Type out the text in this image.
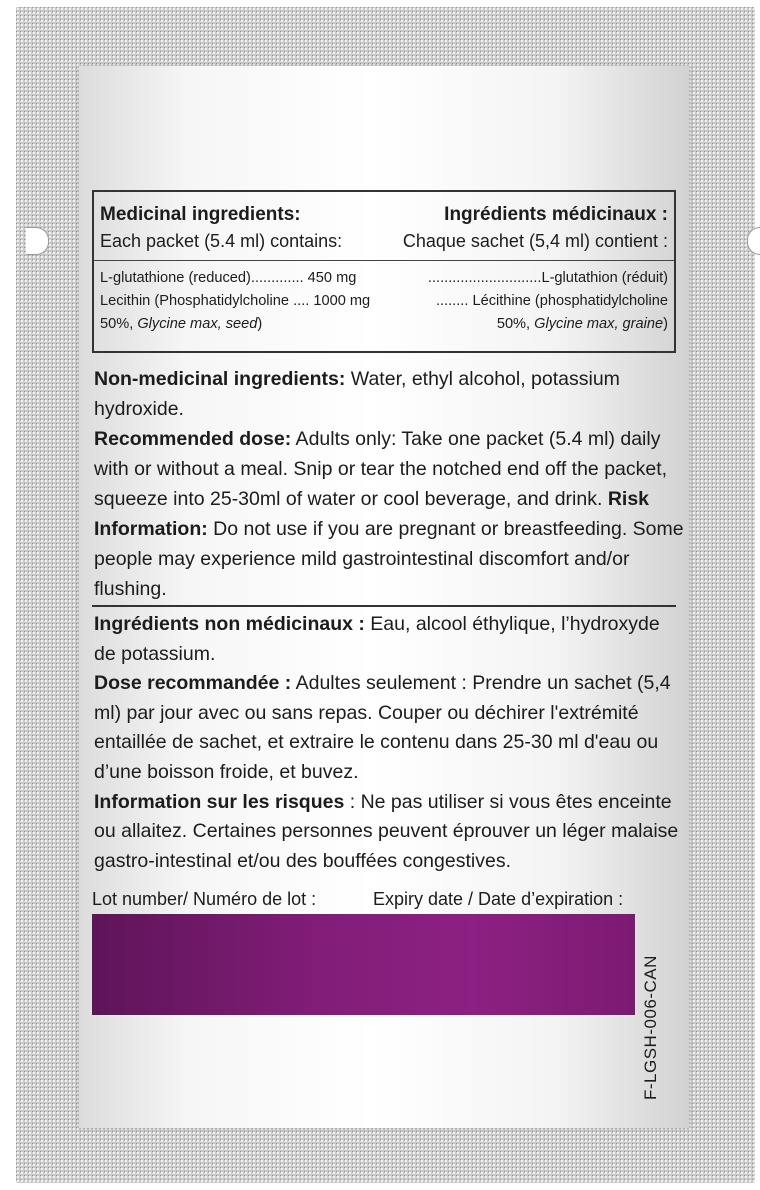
Medicinal ingredients:	Ingrédients médicinaux :
Each packet (5.4 ml) contains:	Chaque sachet (5,4 ml) contient :
L-glutathione (reduced)............. 450 mg	............................L-glutathion (réduit)
Lecithin (Phosphatidylcholine .... 1000 mg	........ Lécithine (phosphatidylcholine
50%, Glycine max, seed)	50%, Glycine max, graine)
Non-medicinal ingredients: Water, ethyl alcohol, potassium hydroxide.
Recommended dose: Adults only: Take one packet (5.4 ml) daily with or without a meal. Snip or tear the notched end off the packet, squeeze into 25-30ml of water or cool beverage, and drink. Risk Information: Do not use if you are pregnant or breastfeeding. Some people may experience mild gastrointestinal discomfort and/or flushing.
Ingrédients non médicinaux : Eau, alcool éthylique, l’hydroxyde de potassium.
Dose recommandée : Adultes seulement : Prendre un sachet (5,4 ml) par jour avec ou sans repas. Couper ou déchirer l'extrémité entaillée de sachet, et extraire le contenu dans 25-30 ml d'eau ou d’une boisson froide, et buvez.
Information sur les risques : Ne pas utiliser si vous êtes enceinte ou allaitez. Certaines personnes peuvent éprouver un léger malaise gastro-intestinal et/ou des bouffées congestives.
Lot number/ Numéro de lot :	Expiry date / Date d’expiration :
F-LGSH-006-CAN
